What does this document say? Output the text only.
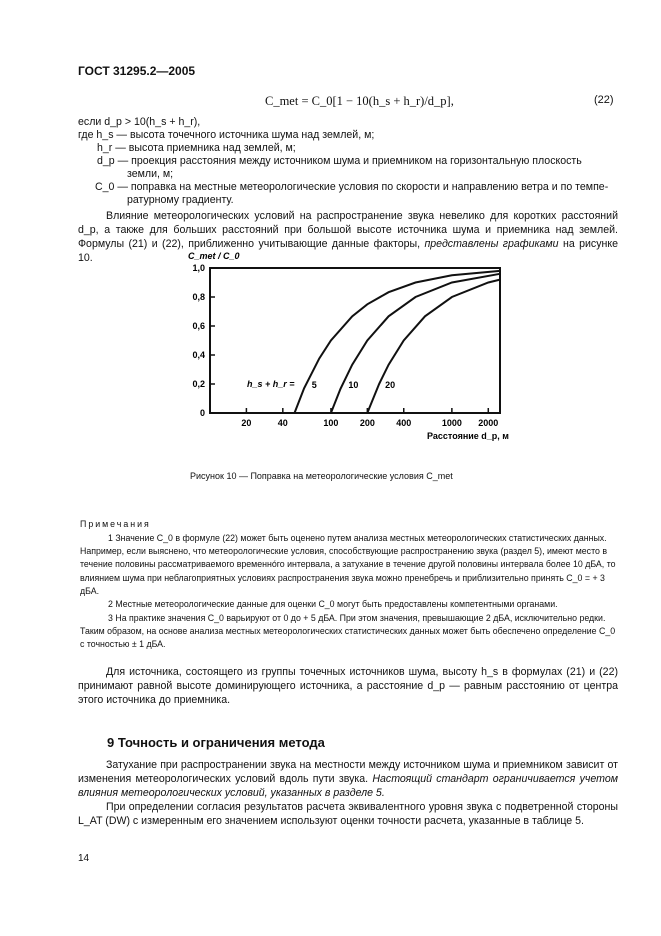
ГОСТ 31295.2—2005
C_met = C_0[1 − 10(h_s + h_r)/d_p],	(22)
если d_p > 10(h_s + h_r),
где h_s — высота точечного источника шума над землей, м;
h_r — высота приемника над землей, м;
d_p — проекция расстояния между источником шума и приемником на горизонтальную плоскость
земли, м;
C_0 — поправка на местные метеорологические условия по скорости и направлению ветра и по темпе-
ратурному градиенту.
Влияние метеорологических условий на распространение звука невелико для коротких расстояний d_p, а также для больших расстояний при большой высоте источника шума и приемника над землей. Формулы (21) и (22), приближенно учитывающие данные факторы, представлены графиками на рисунке 10.	C_met / C_0
0
0,2
0,4
0,6
0,8
1,0
20	40	100 200 400	1000 2000
5	10	20
h_s + h_r =
Расстояние d_p, м
Рисунок 10 — Поправка на метеорологические условия C_met
Примечания
1 Значение C_0 в формуле (22) может быть оценено путем анализа местных метеорологических статистических данных. Например, если выяснено, что метеорологические условия, способствующие распространению звука (раздел 5), имеют место в течение половины рассматриваемого временнóго интервала, а затухание в течение другой половины интервала более 10 дБА, то влиянием шума при неблагоприятных условиях распространения звука можно пренебречь и приблизительно принять C_0 = + 3 дБА.
2 Местные метеорологические данные для оценки C_0 могут быть предоставлены компетентными органами.
3 На практике значения C_0 варьируют от 0 до + 5 дБА. При этом значения, превышающие 2 дБА, исключительно редки. Таким образом, на основе анализа местных метеорологических статистических данных может быть обеспечено определение C_0 с точностью ± 1 дБА.
Для источника, состоящего из группы точечных источников шума, высоту h_s в формулах (21) и (22) принимают равной высоте доминирующего источника, а расстояние d_p — равным расстоянию от центра этого источника до приемника.
9 Точность и ограничения метода
Затухание при распространении звука на местности между источником шумa и приемником зависит от изменения метеорологических условий вдоль пути звука. Настоящий стандарт ограничивается учетом влияния метеорологических условий, указанных в разделе 5.
При определении согласия результатов расчета эквивалентного уровня звука с подветренной стороны L_AT (DW) с измеренным его значением используют оценки точности расчета, указанные в таблице 5.
14
